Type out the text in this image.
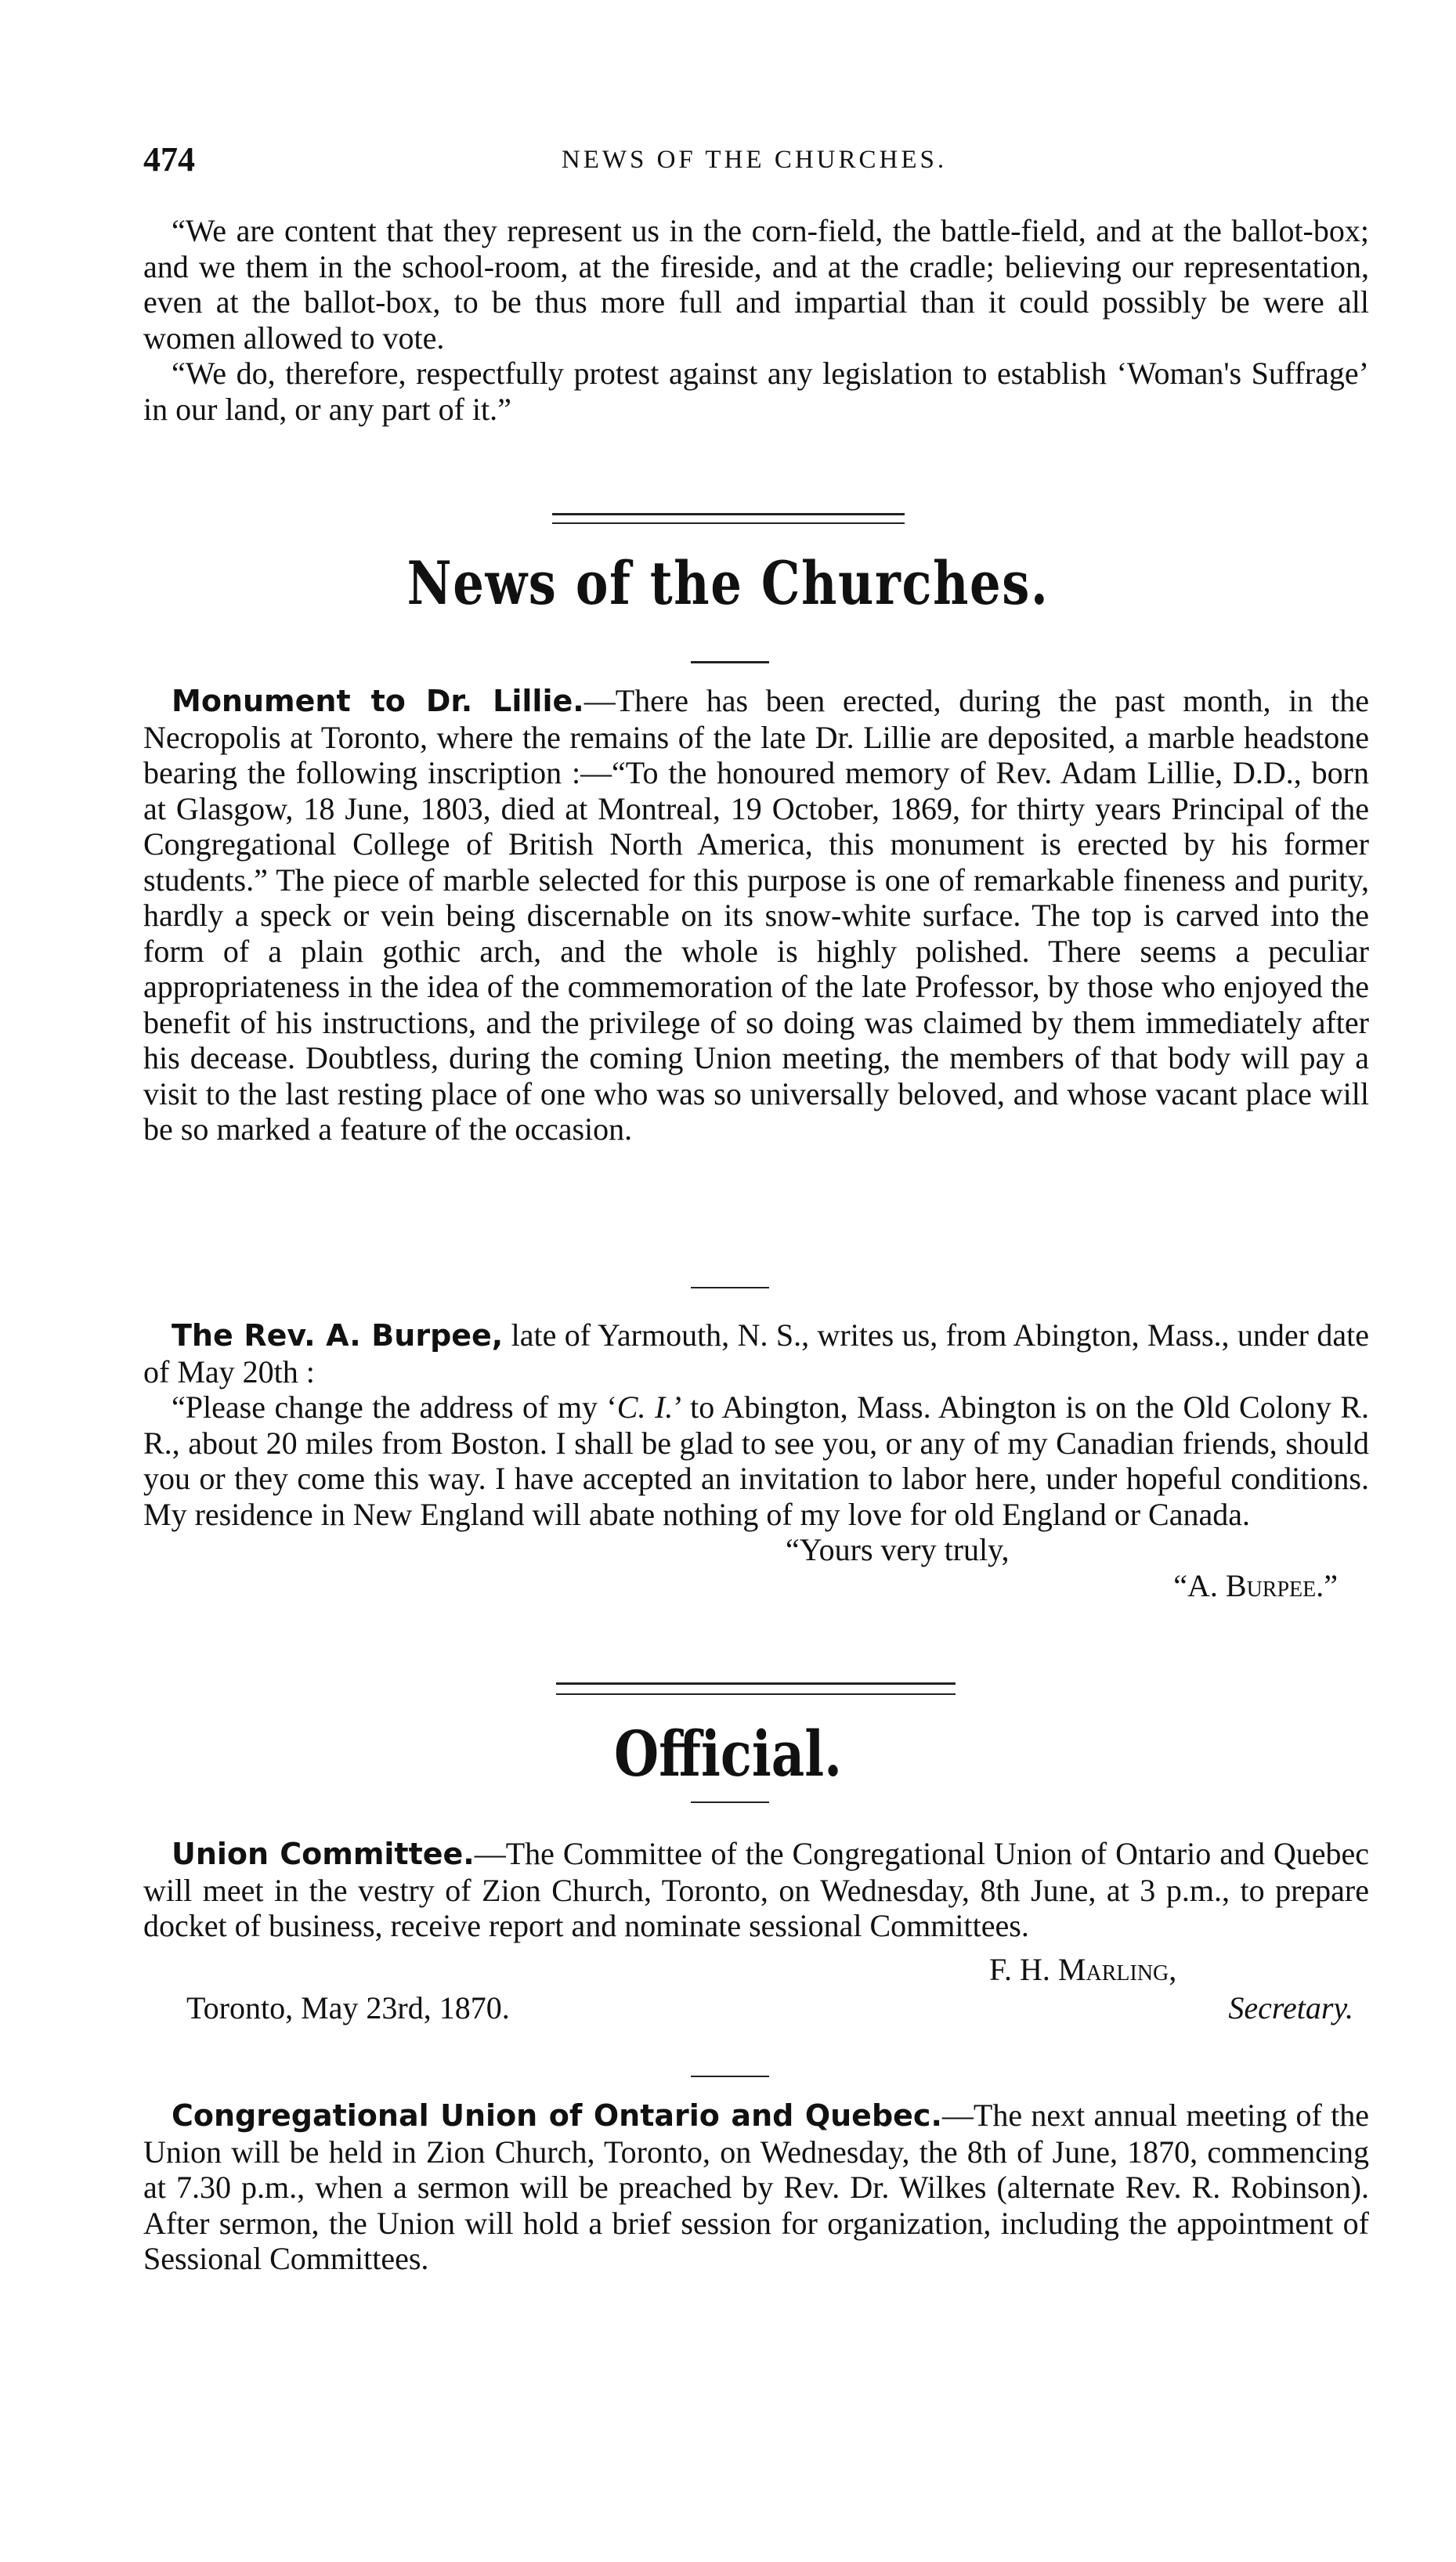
474	NEWS OF THE CHURCHES.

“We are content that they represent us in the corn-field, the battle-field, and at the ballot-box; and we them in the school-room, at the fireside, and at the cradle; believing our representation, even at the ballot-box, to be thus more full and impartial than it could possibly be were all women allowed to vote.

“We do, therefore, respectfully protest against any legislation to establish ‘Woman's Suffrage’ in our land, or any part of it.”

News of the Churches.

Monument to Dr. Lillie.—There has been erected, during the past month, in the Necropolis at Toronto, where the remains of the late Dr. Lillie are deposited, a marble headstone bearing the following inscription :—“To the honoured memory of Rev. Adam Lillie, D.D., born at Glasgow, 18 June, 1803, died at Montreal, 19 October, 1869, for thirty years Principal of the Congregational College of British North America, this monument is erected by his former students.” The piece of marble selected for this purpose is one of remarkable fineness and purity, hardly a speck or vein being discernable on its snow-white surface. The top is carved into the form of a plain gothic arch, and the whole is highly polished. There seems a peculiar appropriateness in the idea of the commemoration of the late Professor, by those who enjoyed the benefit of his instructions, and the privilege of so doing was claimed by them immediately after his decease. Doubtless, during the coming Union meeting, the members of that body will pay a visit to the last resting place of one who was so universally beloved, and whose vacant place will be so marked a feature of the occasion.

The Rev. A. Burpee, late of Yarmouth, N. S., writes us, from Abington, Mass., under date of May 20th :

“Please change the address of my ‘C. I.’ to Abington, Mass. Abington is on the Old Colony R. R., about 20 miles from Boston. I shall be glad to see you, or any of my Canadian friends, should you or they come this way. I have accepted an invitation to labor here, under hopeful conditions. My residence in New England will abate nothing of my love for old England or Canada.

“Yours very truly,
“A. Burpee.”
Official.

Union Committee.—The Committee of the Congregational Union of Ontario and Quebec will meet in the vestry of Zion Church, Toronto, on Wednesday, 8th June, at 3 p.m., to prepare docket of business, receive report and nominate sessional Committees.

F. H. Marling,
Toronto, May 23rd, 1870.	Secretary.

Congregational Union of Ontario and Quebec.—The next annual meeting of the Union will be held in Zion Church, Toronto, on Wednesday, the 8th of June, 1870, commencing at 7.30 p.m., when a sermon will be preached by Rev. Dr. Wilkes (alternate Rev. R. Robinson). After sermon, the Union will hold a brief session for organization, including the appointment of Sessional Committees.
